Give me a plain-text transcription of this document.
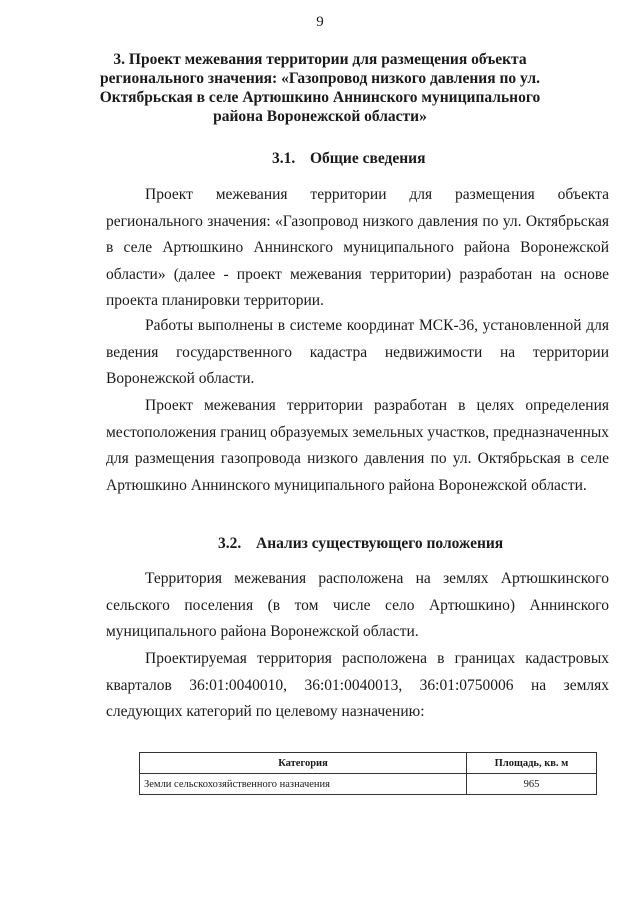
9
3. Проект межевания территории для размещения объекта регионального значения: «Газопровод низкого давления по ул. Октябрьская в селе Артюшкино Аннинского муниципального района Воронежской области»
3.1. Общие сведения
Проект межевания территории для размещения объекта регионального значения: «Газопровод низкого давления по ул. Октябрьская в селе Артюшкино Аннинского муниципального района Воронежской области» (далее - проект межевания территории) разработан на основе проекта планировки территории.
Работы выполнены в системе координат МСК-36, установленной для ведения государственного кадастра недвижимости на территории Воронежской области.
Проект межевания территории разработан в целях определения местоположения границ образуемых земельных участков, предназначенных для размещения газопровода низкого давления по ул. Октябрьская в селе Артюшкино Аннинского муниципального района Воронежской области.
3.2. Анализ существующего положения
Территория межевания расположена на землях Артюшкинского сельского поселения (в том числе село Артюшкино) Аннинского муниципального района Воронежской области.
Проектируемая территория расположена в границах кадастровых кварталов 36:01:0040010, 36:01:0040013, 36:01:0750006 на землях следующих категорий по целевому назначению:
Категория	Площадь, кв. м
Земли сельскохозяйственного назначения	965
